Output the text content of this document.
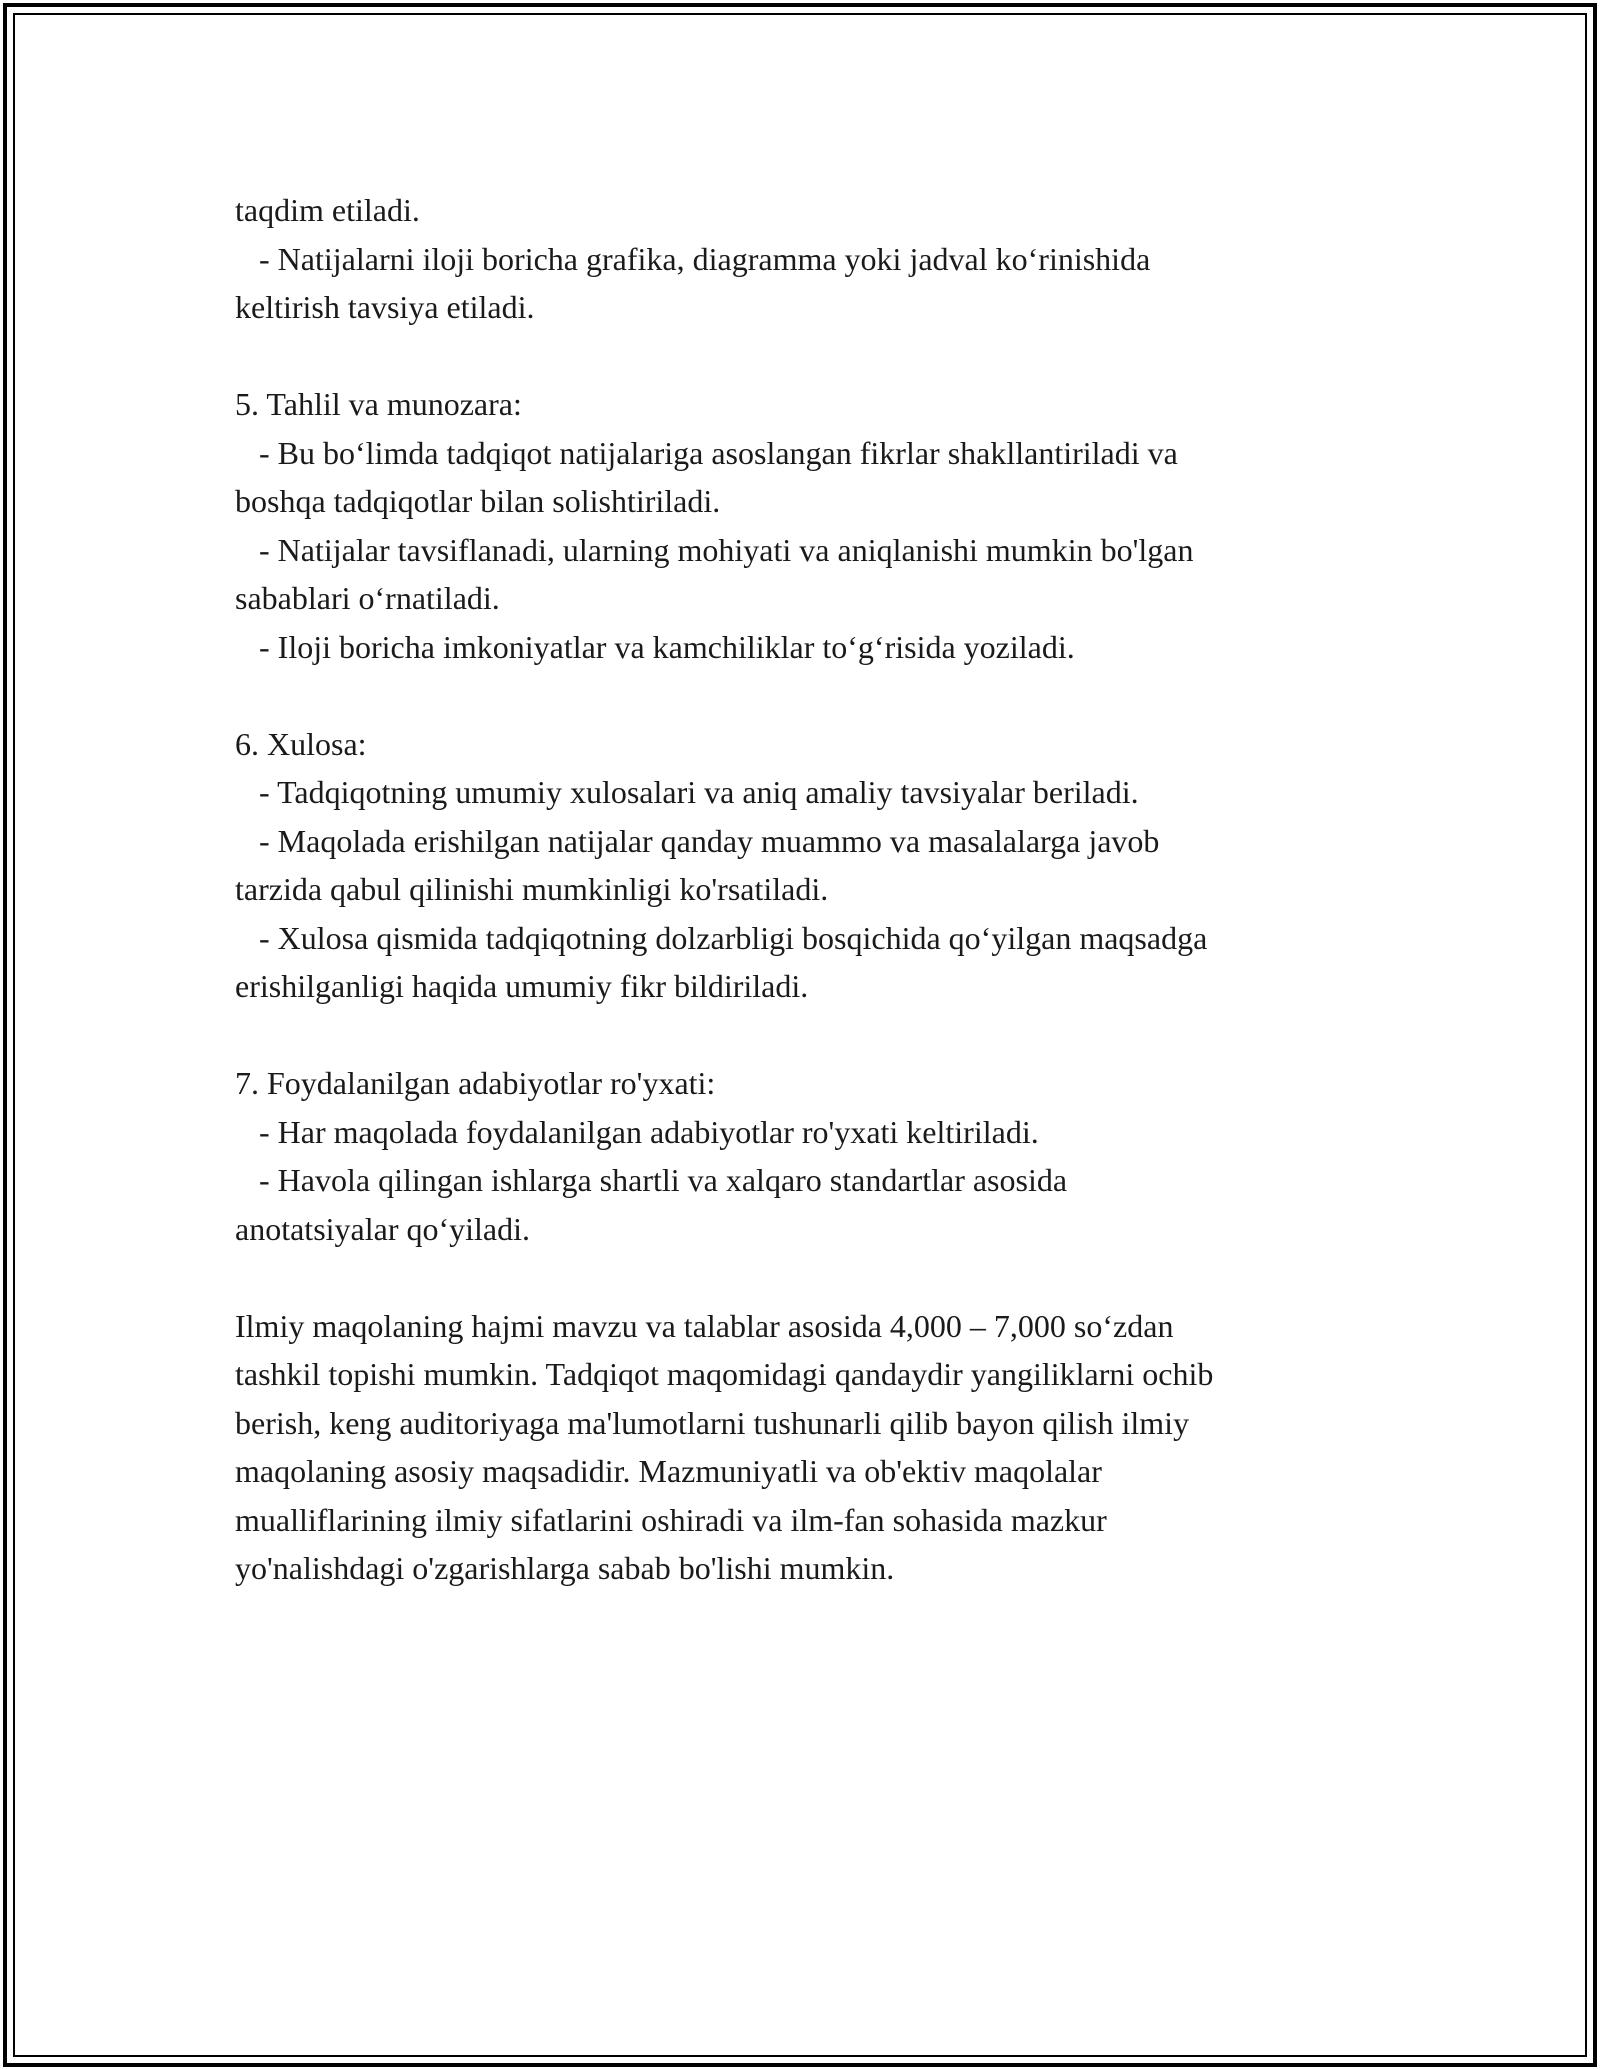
taqdim etiladi.
- Natijalarni iloji boricha grafika, diagramma yoki jadval ko‘rinishida
keltirish tavsiya etiladi.
5. Tahlil va munozara:
- Bu bo‘limda tadqiqot natijalariga asoslangan fikrlar shakllantiriladi va
boshqa tadqiqotlar bilan solishtiriladi.
- Natijalar tavsiflanadi, ularning mohiyati va aniqlanishi mumkin bo'lgan
sabablari o‘rnatiladi.
- Iloji boricha imkoniyatlar va kamchiliklar to‘g‘risida yoziladi.
6. Xulosa:
- Tadqiqotning umumiy xulosalari va aniq amaliy tavsiyalar beriladi.
- Maqolada erishilgan natijalar qanday muammo va masalalarga javob
tarzida qabul qilinishi mumkinligi ko'rsatiladi.
- Xulosa qismida tadqiqotning dolzarbligi bosqichida qo‘yilgan maqsadga
erishilganligi haqida umumiy fikr bildiriladi.
7. Foydalanilgan adabiyotlar ro'yxati:
- Har maqolada foydalanilgan adabiyotlar ro'yxati keltiriladi.
- Havola qilingan ishlarga shartli va xalqaro standartlar asosida
anotatsiyalar qo‘yiladi.
Ilmiy maqolaning hajmi mavzu va talablar asosida 4,000 – 7,000 so‘zdan
tashkil topishi mumkin. Tadqiqot maqomidagi qandaydir yangiliklarni ochib
berish, keng auditoriyaga ma'lumotlarni tushunarli qilib bayon qilish ilmiy
maqolaning asosiy maqsadidir. Mazmuniyatli va ob'ektiv maqolalar
mualliflarining ilmiy sifatlarini oshiradi va ilm-fan sohasida mazkur
yo'nalishdagi o'zgarishlarga sabab bo'lishi mumkin.
